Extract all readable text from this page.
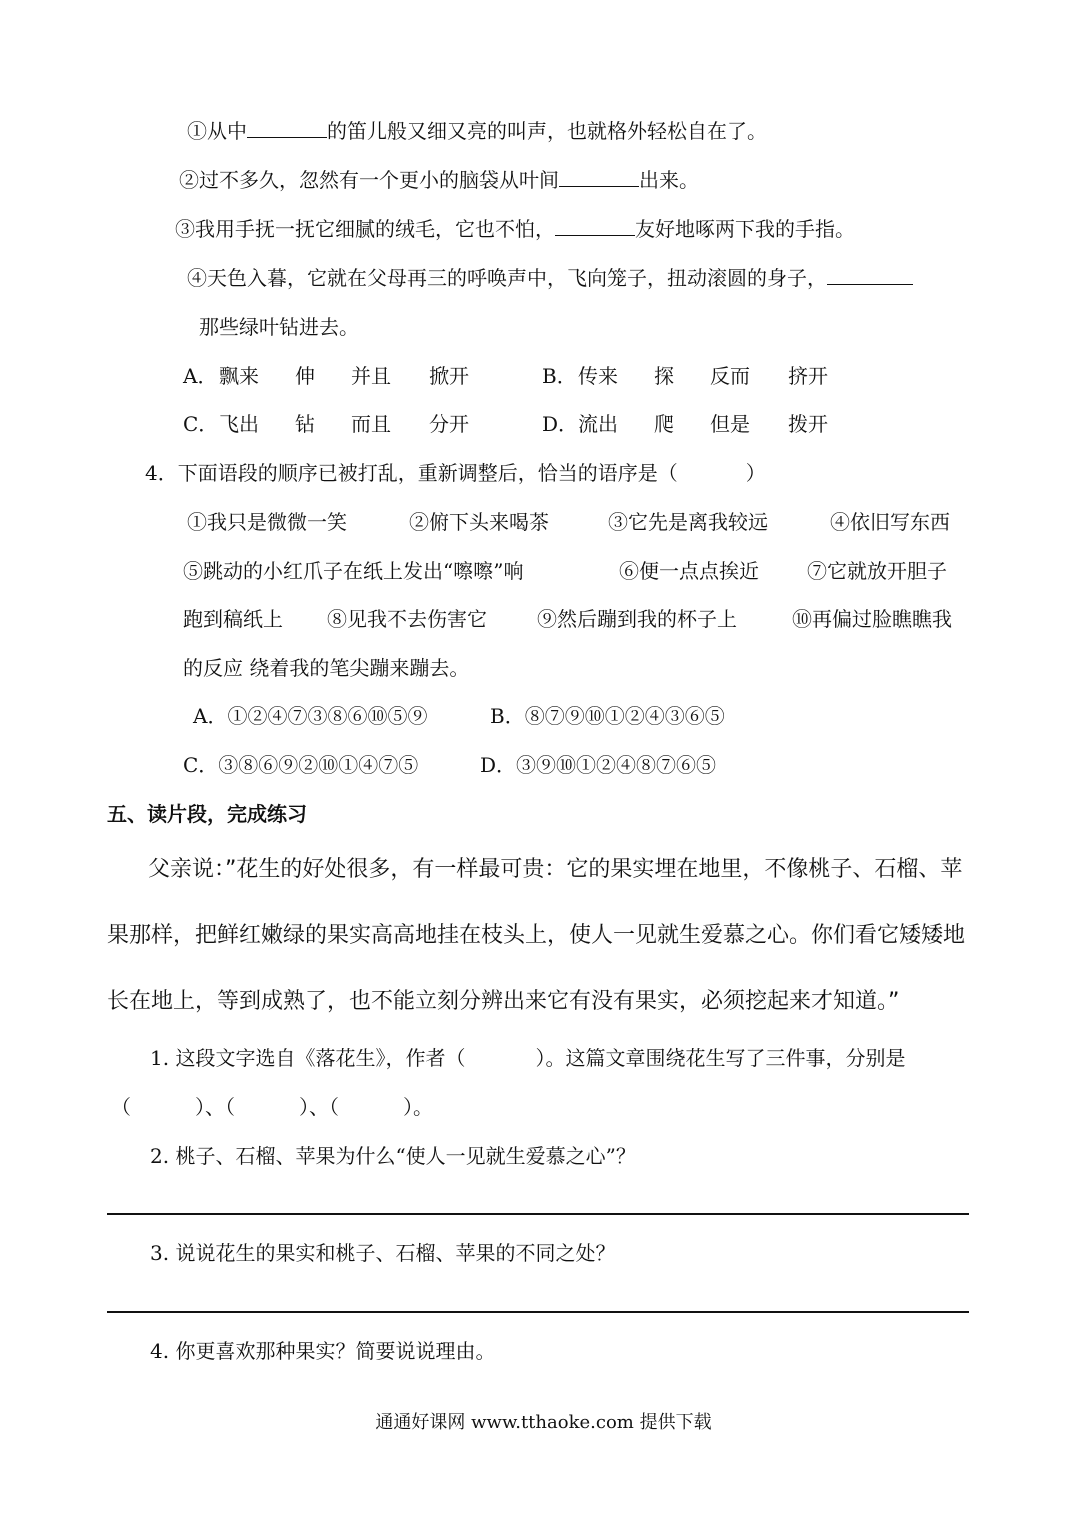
①从中	的笛儿般又细又亮的叫声，也就格外轻松自在了。
②过不多久，忽然有一个更小的脑袋从叶间	出来。
③我用手抚一抚它细腻的绒毛，它也不怕，	友好地啄两下我的手指。
④天色入暮，它就在父母再三的呼唤声中，飞向笼子，扭动滚圆的身子，
那些绿叶钻进去。
A．飘来 伸 并且 掀开	B．传来 探 反而 挤开
C．飞出 钻 而且 分开	D．流出 爬 但是 拨开
4．下面语段的顺序已被打乱，重新调整后，恰当的语序是（	）
①我只是微微一笑	②俯下头来喝茶	③它先是离我较远	④依旧写东西
⑤跳动的小红爪子在纸上发出“嚓嚓”响	⑥便一点点挨近 ⑦它就放开胆子
跑到稿纸上 ⑧见我不去伤害它	⑨然后蹦到我的杯子上	⑩再偏过脸瞧瞧我
的反应 绕着我的笔尖蹦来蹦去。
A．①②④⑦③⑧⑥⑩⑤⑨	B．⑧⑦⑨⑩①②④③⑥⑤
C．③⑧⑥⑨②⑩①④⑦⑤	D．③⑨⑩①②④⑧⑦⑥⑤
五、读片段，完成练习
父亲说：”花生的好处很多，有一样最可贵：它的果实埋在地里，不像桃子、石榴、苹
果那样，把鲜红嫩绿的果实高高地挂在枝头上，使人一见就生爱慕之心。你们看它矮矮地
长在地上，等到成熟了，也不能立刻分辨出来它有没有果实，必须挖起来才知道。”
1. 这段文字选自《落花生》，作者（	）。这篇文章围绕花生写了三件事，分别是
（	）、（	）、（	）。
2. 桃子、石榴、苹果为什么“使人一见就生爱慕之心”？
3. 说说花生的果实和桃子、石榴、苹果的不同之处？
4. 你更喜欢那种果实？简要说说理由。
通通好课网 www.tthaoke.com 提供下载
